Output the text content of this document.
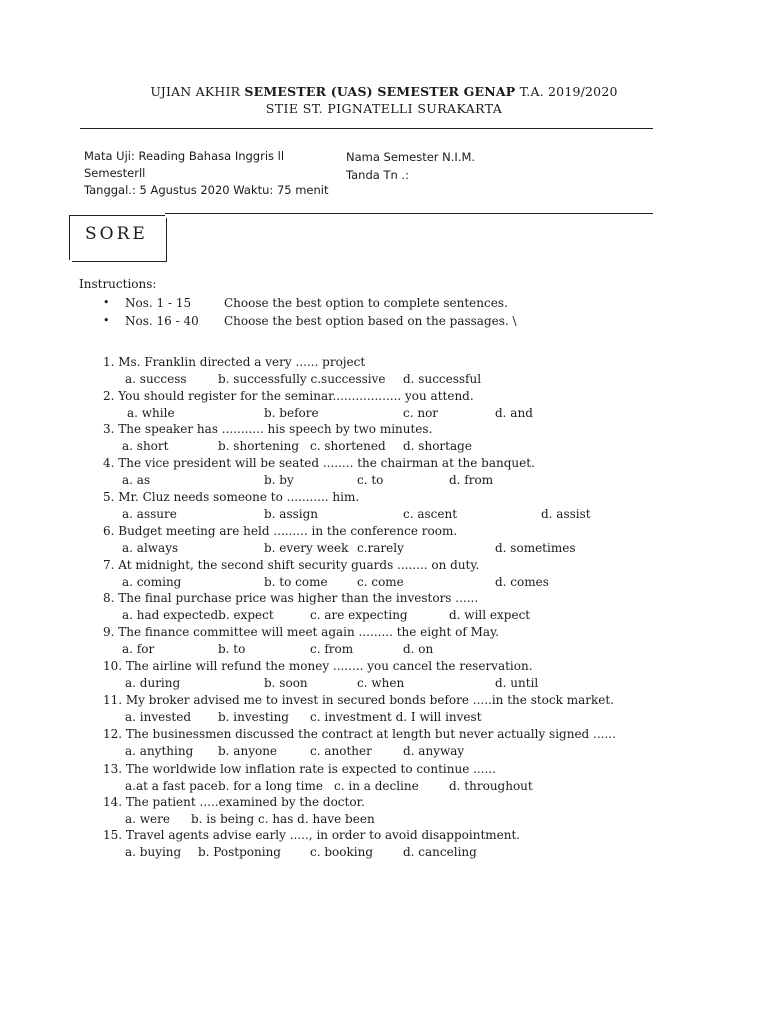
UJIAN AKHIR SEMESTER (UAS) SEMESTER GENAP T.A. 2019/2020
STIE ST. PIGNATELLI SURAKARTA
Mata Uji: Reading Bahasa Inggris ll
Semesterll
Tanggal.: 5 Agustus 2020 Waktu: 75 menit
Nama Semester N.I.M.
Tanda Tn .:
SORE
Instructions:
• Nos. 1 - 15	Choose the best option to complete sentences.
• Nos. 16 - 40 Choose the best option based on the passages. \
1. Ms. Franklin directed a very ...... project
a. success	b. successfully c.successive d. successful
2. You should register for the seminar.................. you attend.
a. while	b. before	c. nor	d. and
3. The speaker has ........... his speech by two minutes.
a. short	b. shortening c. shortened d. shortage
4. The vice president will be seated ........ the chairman at the banquet.
a. as	b. by	c. to	d. from
5. Mr. Cluz needs someone to ........... him.
a. assure	b. assign	c. ascent	d. assist
6. Budget meeting are held ......... in the conference room.
a. always	b. every week c.rarely	d. sometimes
7. At midnight, the second shift security guards ........ on duty.
a. coming	b. to come c. come	d. comes
8. The final purchase price was higher than the investors ......
a. had expectedb. expect	c. are expecting	d. will expect
9. The finance committee will meet again ......... the eight of May.
a. for	b. to	c. from	d. on
10. The airline will refund the money ........ you cancel the reservation.
a. during	b. soon	c. when	d. until
11. My broker advised me to invest in secured bonds before .....in the stock market.
a. invested b. investing c. investment d. I will invest
12. The businessmen discussed the contract at length but never actually signed ......
a. anything b. anyone	c. another	d. anyway
13. The worldwide low inflation rate is expected to continue ......
a.at a fast pace b. for a long time c. in a decline	d. throughout
14. The patient .....examined by the doctor.
a. were b. is being c. has d. have been
15. Travel agents advise early ....., in order to avoid disappointment.
a. buying b. Postponing c. booking	d. canceling
